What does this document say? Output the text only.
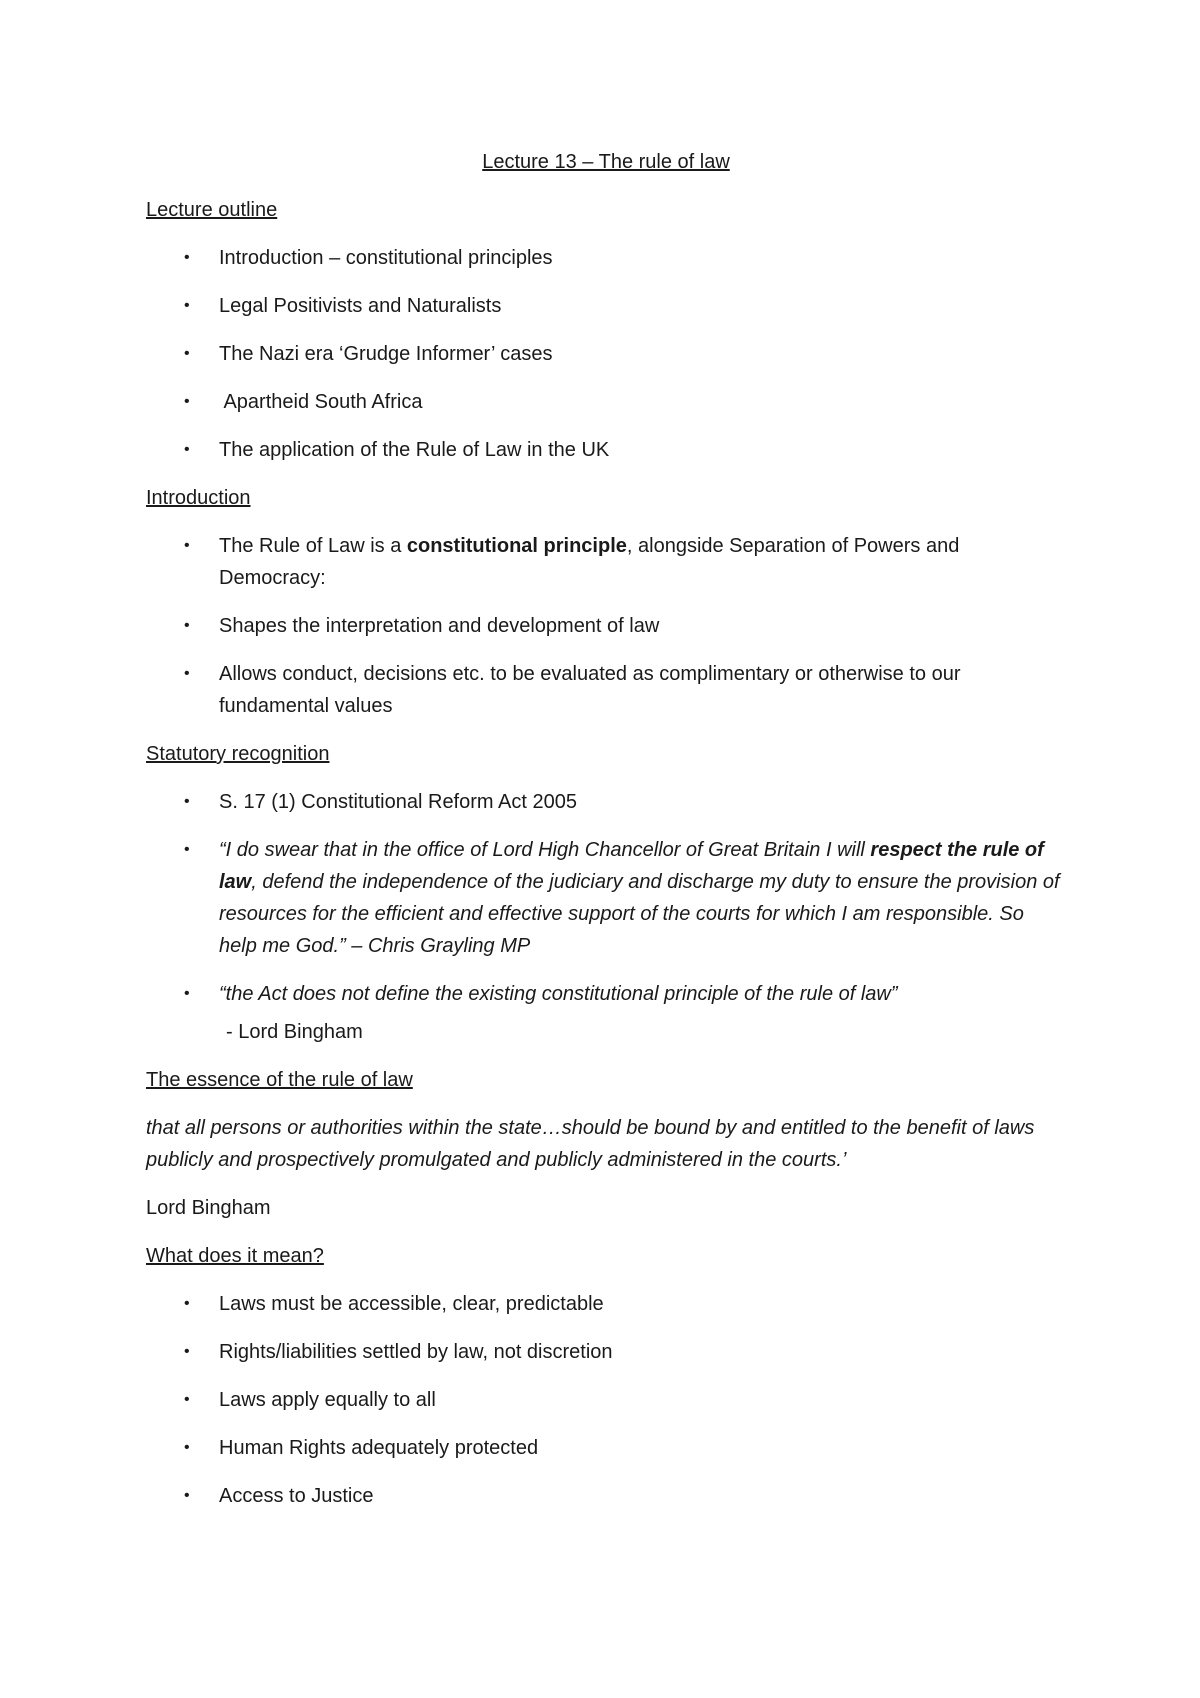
Lecture 13 – The rule of law
Lecture outline
• Introduction – constitutional principles
• Legal Positivists and Naturalists
• The Nazi era ‘Grudge Informer’ cases
• Apartheid South Africa
• The application of the Rule of Law in the UK
Introduction
• The Rule of Law is a constitutional principle, alongside Separation of Powers and Democracy:
• Shapes the interpretation and development of law
• Allows conduct, decisions etc. to be evaluated as complimentary or otherwise to our fundamental values
Statutory recognition
• S. 17 (1) Constitutional Reform Act 2005
• “I do swear that in the office of Lord High Chancellor of Great Britain I will respect the rule of law, defend the independence of the judiciary and discharge my duty to ensure the provision of resources for the efficient and effective support of the courts for which I am responsible. So help me God.” – Chris Grayling MP
• “the Act does not define the existing constitutional principle of the rule of law”
- Lord Bingham
The essence of the rule of law
that all persons or authorities within the state…should be bound by and entitled to the benefit of laws publicly and prospectively promulgated and publicly administered in the courts.’
Lord Bingham
What does it mean?
• Laws must be accessible, clear, predictable
• Rights/liabilities settled by law, not discretion
• Laws apply equally to all
• Human Rights adequately protected
• Access to Justice
